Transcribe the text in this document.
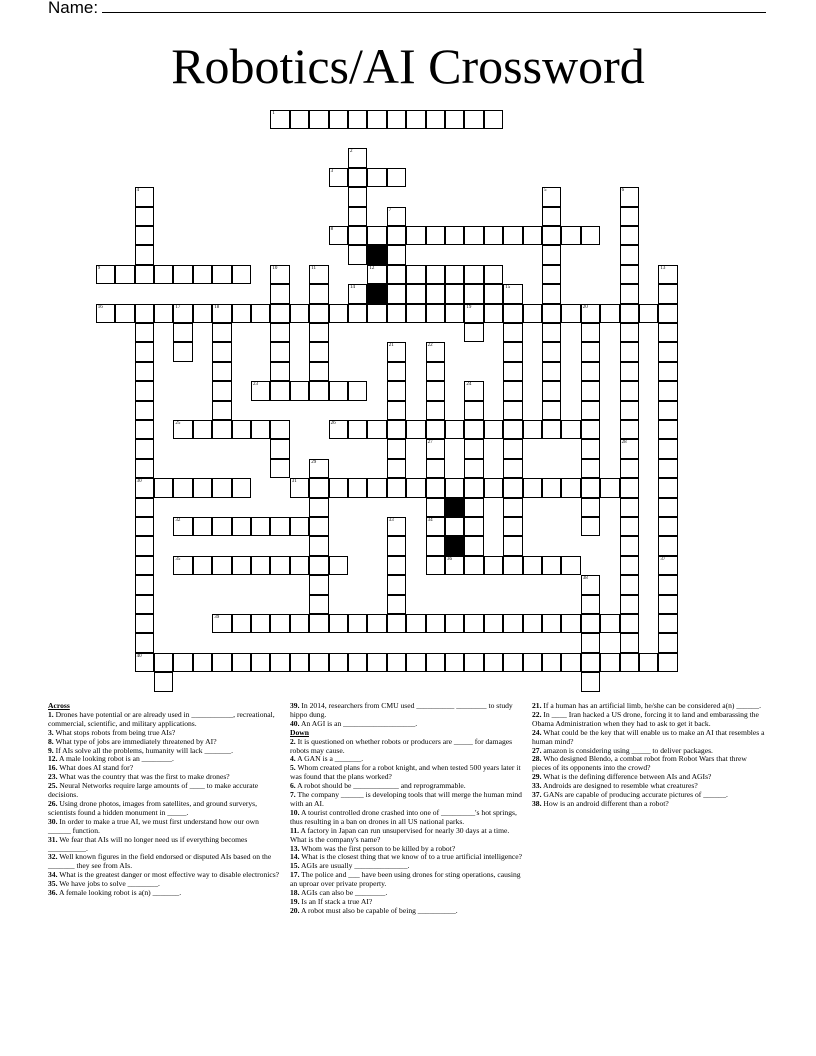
Name:
Robotics/AI Crossword
1
2
3
4	5	6
7
8
9	10	11	12	13
14	15
16	17	18	19	20
21	22
23	24
25	26
27	28
29
30	31
32	33	34
35	36	37
38
39
40
Across
1. Drones have potential or are already used in ___________, recreational, commercial, scientific, and military applications.
3. What stops robots from being true AIs?
8. What type of jobs are immediately threatened by AI?
9. If AIs solve all the problems, humanity will lack _______.
12. A male looking robot is an ________.
16. What does AI stand for?
23. What was the country that was the first to make drones?
25. Neural Networks require large amounts of ____ to make accurate decisions.
26. Using drone photos, images from satellites, and ground surverys, scientists found a hidden monument in _____.
30. In order to make a true AI, we must first understand how our own ______ function.
31. We fear that AIs will no longer need us if everything becomes __________.
32. Well known figures in the field endorsed or disputed AIs based on the _______ they see from AIs.
34. What is the greatest danger or most effective way to disable electronics?
35. We have jobs to solve ________.
36. A female looking robot is a(n) _______.
39. In 2014, researchers from CMU used __________ ________ to study hippo dung.
40. An AGI is an ___________________.
Down
2. It is questioned on whether robots or producers are _____ for damages robots may cause.
4. A GAN is a _______.
5. Whom created plans for a robot knight, and when tested 500 years later it was found that the plans worked?
6. A robot should be ____________ and reprogrammable.
7. The company ______ is developing tools that will merge the human mind with an AI.
10. A tourist controlled drone crashed into one of _________'s hot springs, thus resulting in a ban on drones in all US national parks.
11. A factory in Japan can run unsupervised for nearly 30 days at a time. What is the company's name?
13. Whom was the first person to be killed by a robot?
14. What is the closest thing that we know of to a true artificial intelligence?
15. AGIs are usually ______________.
17. The police and ___ have been using drones for sting operations, causing an uproar over private property.
18. AGIs can also be ________.
19. Is an If stack a true AI?
20. A robot must also be capable of being __________.
21. If a human has an artificial limb, he/she can be considered a(n) ______.
22. In ____ Iran hacked a US drone, forcing it to land and embarassing the Obama Administration when they had to ask to get it back.
24. What could be the key that will enable us to make an AI that resembles a human mind?
27. amazon is considering using _____ to deliver packages.
28. Who designed Blendo, a combat robot from Robot Wars that threw pieces of its opponents into the crowd?
29. What is the defining difference between AIs and AGIs?
33. Androids are designed to resemble what creatures?
37. GANs are capable of producing accurate pictures of ______.
38. How is an android different than a robot?
